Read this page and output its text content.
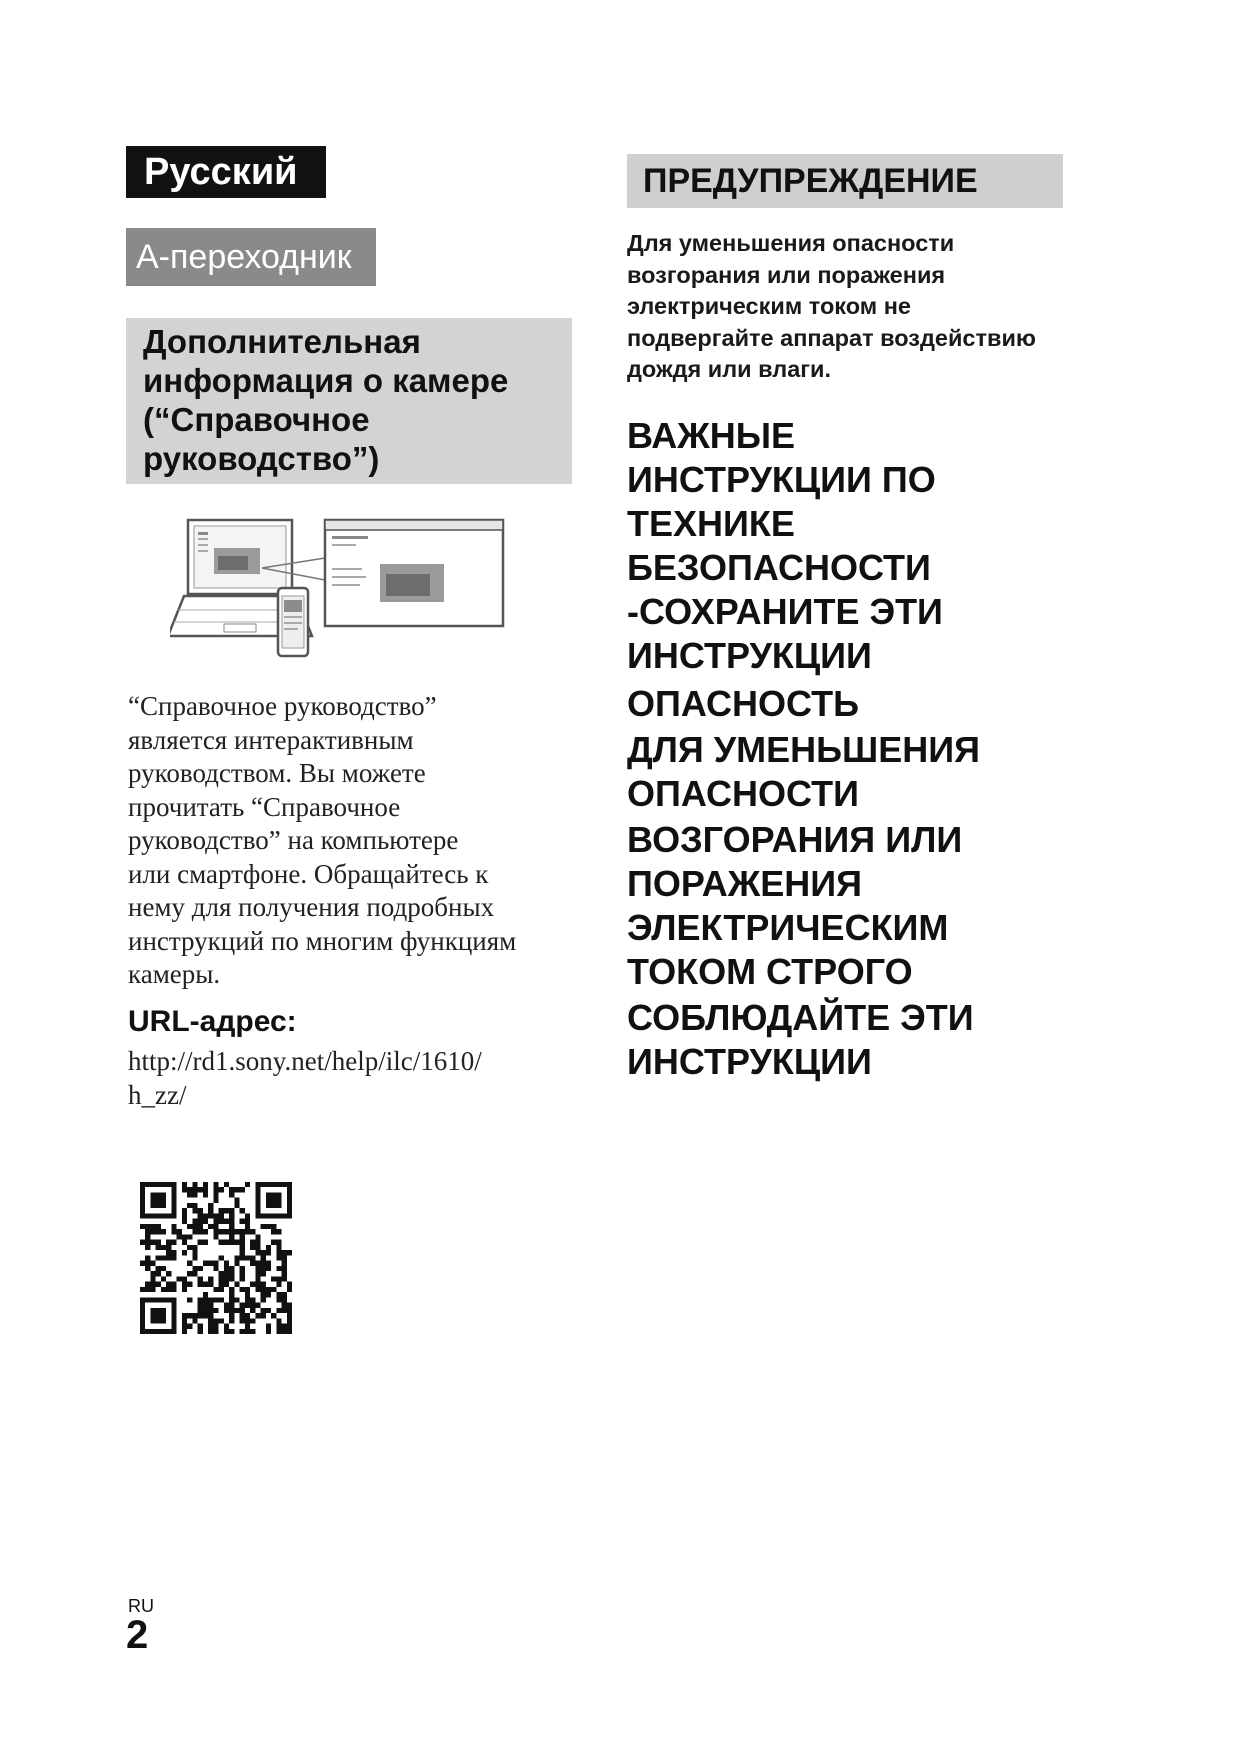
Русский
А-переходник
Дополнительная информация о камере (“Справочное руководство”)
“Справочное руководство”
является интерактивным
руководством. Вы можете
прочитать “Справочное
руководство” на компьютере
или смартфоне. Обращайтесь к
нему для получения подробных
инструкций по многим функциям
камеры.
URL-адрес:
http://rd1.sony.net/help/ilc/1610/
h_zz/
ПРЕДУПРЕЖДЕНИЕ
Для уменьшения опасности
возгорания или поражения
электрическим током не
подвергайте аппарат воздействию
дождя или влаги.
ВАЖНЫЕ
ИНСТРУКЦИИ ПО
ТЕХНИКЕ
БЕЗОПАСНОСТИ
-СОХРАНИТЕ ЭТИ
ИНСТРУКЦИИ
ОПАСНОСТЬ
ДЛЯ УМЕНЬШЕНИЯ
ОПАСНОСТИ
ВОЗГОРАНИЯ ИЛИ
ПОРАЖЕНИЯ
ЭЛЕКТРИЧЕСКИМ
ТОКОМ СТРОГО
СОБЛЮДАЙТЕ ЭТИ
ИНСТРУКЦИИ
RU
2
